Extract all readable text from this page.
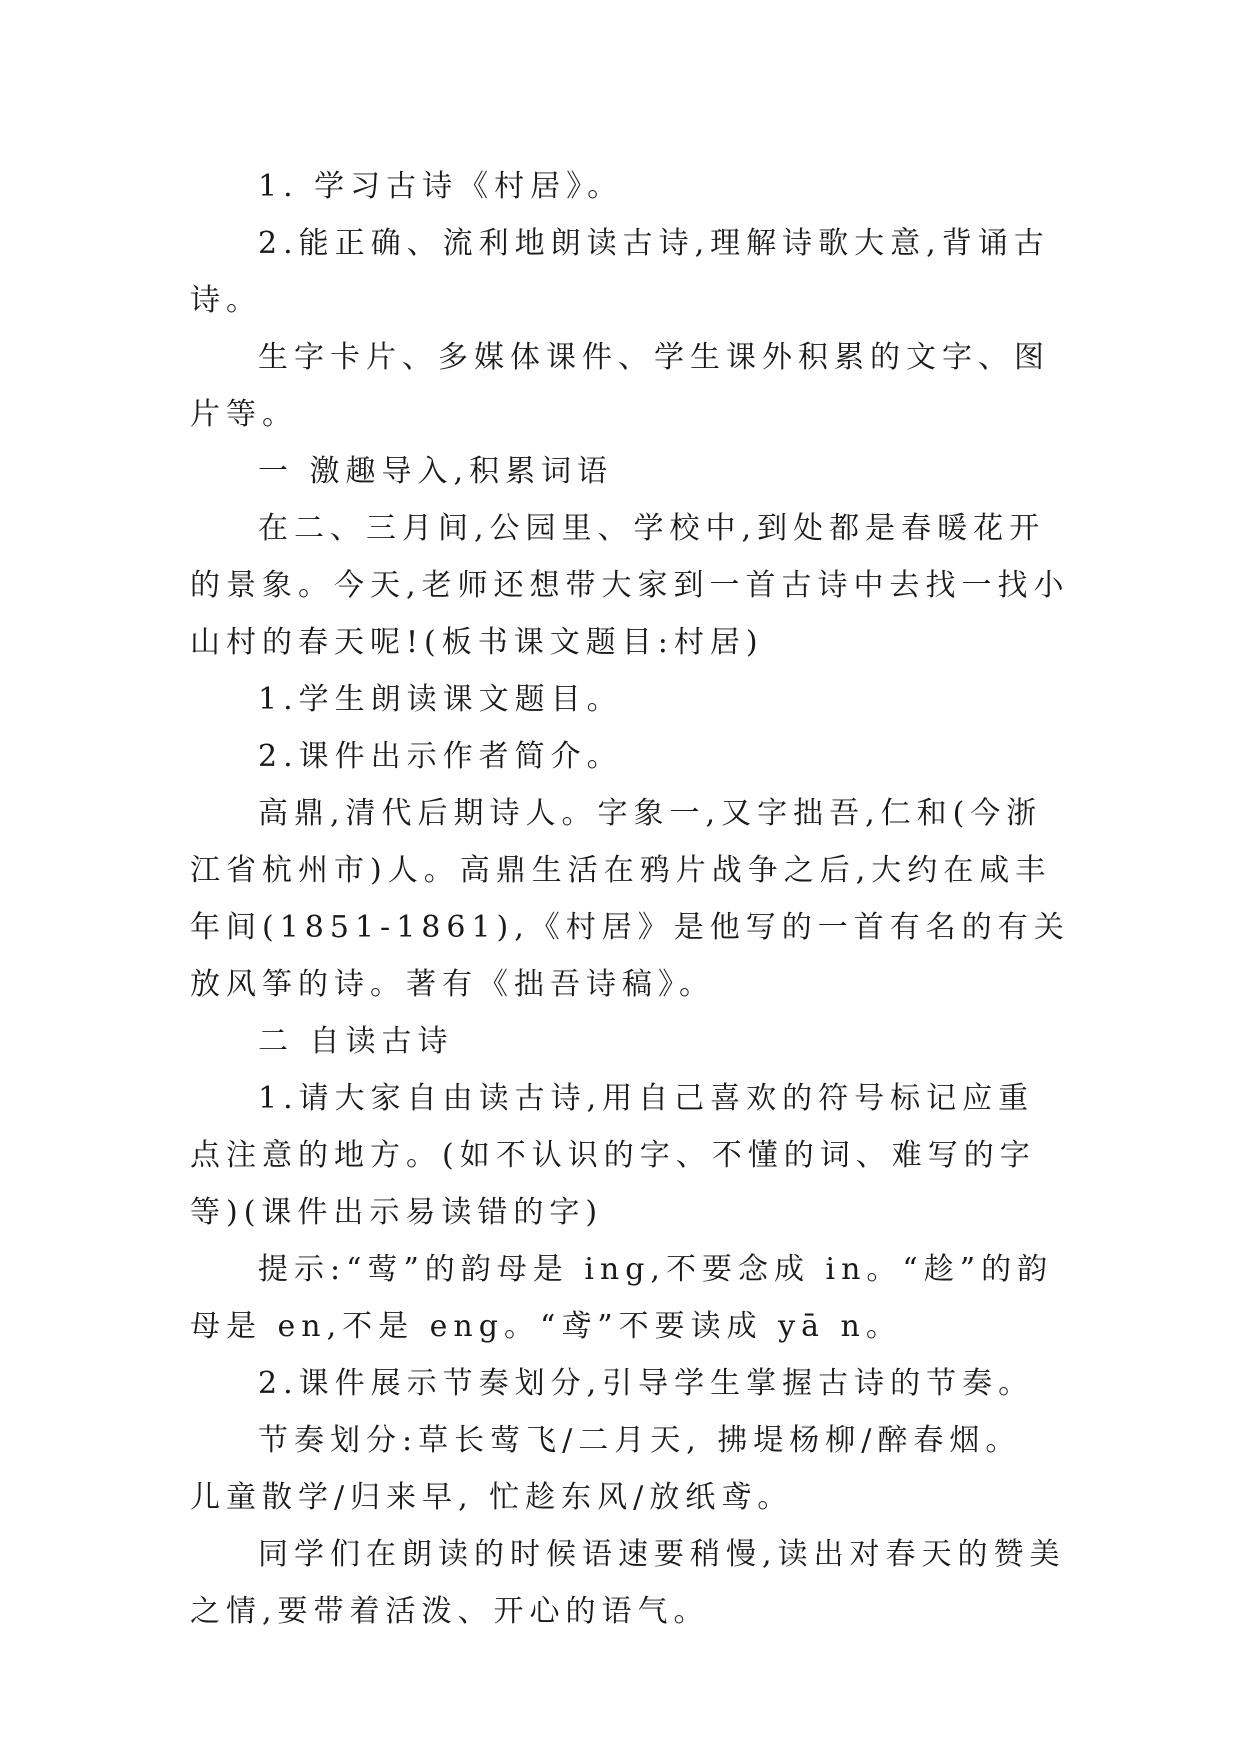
1. 学习古诗《村居》。

2.能正确、流利地朗读古诗,理解诗歌大意,背诵古诗。

生字卡片、多媒体课件、学生课外积累的文字、图片等。

一 激趣导入,积累词语

在二、三月间,公园里、学校中,到处都是春暖花开的景象。今天,老师还想带大家到一首古诗中去找一找小山村的春天呢!(板书课文题目:村居)

1.学生朗读课文题目。

2.课件出示作者简介。

高鼎,清代后期诗人。字象一,又字拙吾,仁和(今浙江省杭州市)人。高鼎生活在鸦片战争之后,大约在咸丰年间(1851-1861),《村居》是他写的一首有名的有关放风筝的诗。著有《拙吾诗稿》。

二 自读古诗

1.请大家自由读古诗,用自己喜欢的符号标记应重点注意的地方。(如不认识的字、不懂的词、难写的字等)(课件出示易读错的字)

提示:“莺”的韵母是 ing,不要念成 in。“趁”的韵母是 en,不是 eng。“鸢”不要读成 yā n。

2.课件展示节奏划分,引导学生掌握古诗的节奏。

节奏划分:草长莺飞/二月天, 拂堤杨柳/醉春烟。 儿童散学/归来早, 忙趁东风/放纸鸢。

同学们在朗读的时候语速要稍慢,读出对春天的赞美之情,要带着活泼、开心的语气。
